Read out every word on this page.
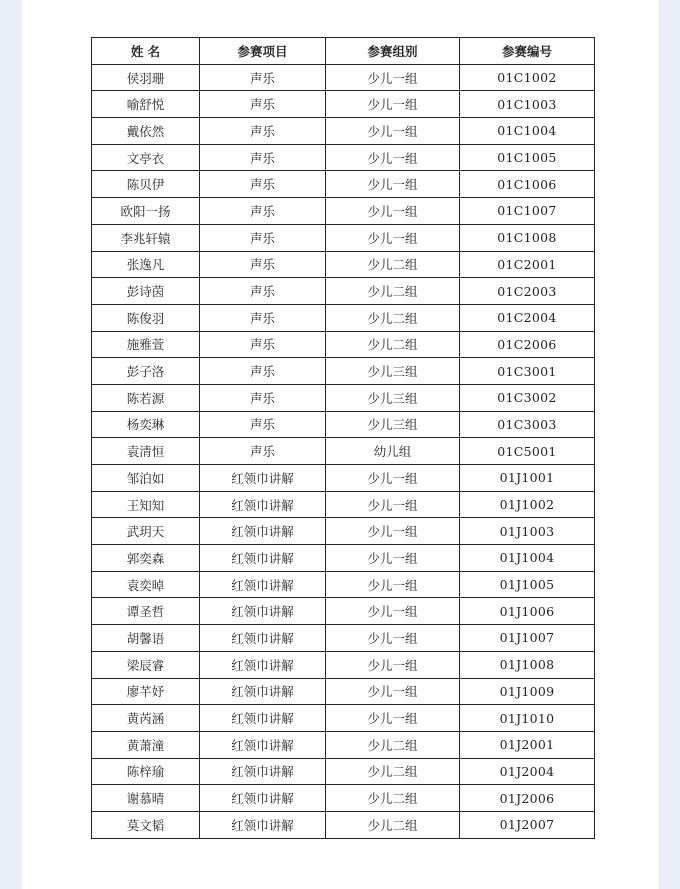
姓 名	参赛项目	参赛组别	参赛编号
侯羽珊	声乐	少儿一组	01C1002
喻舒悦	声乐	少儿一组	01C1003
戴依然	声乐	少儿一组	01C1004
文亭衣	声乐	少儿一组	01C1005
陈贝伊	声乐	少儿一组	01C1006
欧阳一扬	声乐	少儿一组	01C1007
李兆轩辕	声乐	少儿一组	01C1008
张逸凡	声乐	少儿二组	01C2001
彭诗茵	声乐	少儿二组	01C2003
陈俊羽	声乐	少儿二组	01C2004
施雅萱	声乐	少儿二组	01C2006
彭子洛	声乐	少儿三组	01C3001
陈若源	声乐	少儿三组	01C3002
杨奕琳	声乐	少儿三组	01C3003
袁清恒	声乐	幼儿组	01C5001
邹泊如	红领巾讲解	少儿一组	01J1001
王知知	红领巾讲解	少儿一组	01J1002
武玥天	红领巾讲解	少儿一组	01J1003
郭奕森	红领巾讲解	少儿一组	01J1004
袁奕晫	红领巾讲解	少儿一组	01J1005
谭圣哲	红领巾讲解	少儿一组	01J1006
胡馨语	红领巾讲解	少儿一组	01J1007
梁辰睿	红领巾讲解	少儿一组	01J1008
廖芊妤	红领巾讲解	少儿一组	01J1009
黄芮涵	红领巾讲解	少儿一组	01J1010
黄萧潼	红领巾讲解	少儿二组	01J2001
陈梓瑜	红领巾讲解	少儿二组	01J2004
谢慕晴	红领巾讲解	少儿二组	01J2006
莫文韬	红领巾讲解	少儿二组	01J2007
